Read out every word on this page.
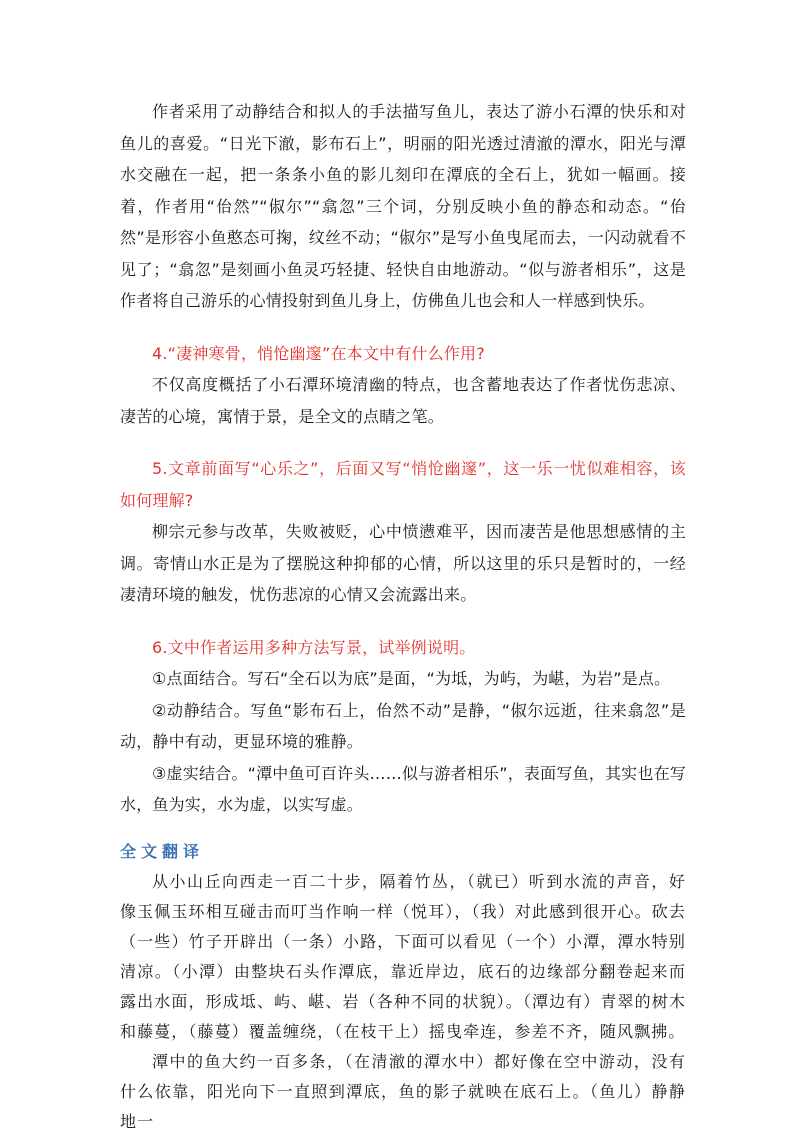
作者采用了动静结合和拟人的手法描写鱼儿，表达了游小石潭的快乐和对鱼儿的喜爱。“日光下澈，影布石上”，明丽的阳光透过清澈的潭水，阳光与潭水交融在一起，把一条条小鱼的影儿刻印在潭底的全石上，犹如一幅画。接着，作者用“佁然”“俶尔”“翕忽”三个词，分别反映小鱼的静态和动态。“佁然”是形容小鱼憨态可掬，纹丝不动；“俶尔”是写小鱼曳尾而去，一闪动就看不见了；“翕忽”是刻画小鱼灵巧轻捷、轻快自由地游动。“似与游者相乐”，这是作者将自己游乐的心情投射到鱼儿身上，仿佛鱼儿也会和人一样感到快乐。

4.“凄神寒骨，悄怆幽邃”在本文中有什么作用?

不仅高度概括了小石潭环境清幽的特点，也含蓄地表达了作者忧伤悲凉、凄苦的心境，寓情于景，是全文的点睛之笔。

5.文章前面写“心乐之”，后面又写“悄怆幽邃”，这一乐一忧似难相容，该如何理解?

柳宗元参与改革，失败被贬，心中愤懑难平，因而凄苦是他思想感情的主调。寄情山水正是为了摆脱这种抑郁的心情，所以这里的乐只是暂时的，一经凄清环境的触发，忧伤悲凉的心情又会流露出来。

6.文中作者运用多种方法写景，试举例说明。

①点面结合。写石“全石以为底”是面，“为坻，为屿，为嵁，为岩”是点。

②动静结合。写鱼“影布石上，佁然不动”是静，“俶尔远逝，往来翕忽”是动，静中有动，更显环境的雅静。

③虚实结合。“潭中鱼可百许头……似与游者相乐”，表面写鱼，其实也在写水，鱼为实，水为虚，以实写虚。

全文翻译

从小山丘向西走一百二十步，隔着竹丛，（就已）听到水流的声音，好像玉佩玉环相互碰击而叮当作响一样（悦耳），（我）对此感到很开心。砍去（一些）竹子开辟出（一条）小路，下面可以看见（一个）小潭，潭水特别清凉。（小潭）由整块石头作潭底，靠近岸边，底石的边缘部分翻卷起来而露出水面，形成坻、屿、嵁、岩（各种不同的状貌）。（潭边有）青翠的树木和藤蔓，（藤蔓）覆盖缠绕，（在枝干上）摇曳牵连，参差不齐，随风飘拂。

潭中的鱼大约一百多条，（在清澈的潭水中）都好像在空中游动，没有什么依靠，阳光向下一直照到潭底，鱼的影子就映在底石上。（鱼儿）静静地一
